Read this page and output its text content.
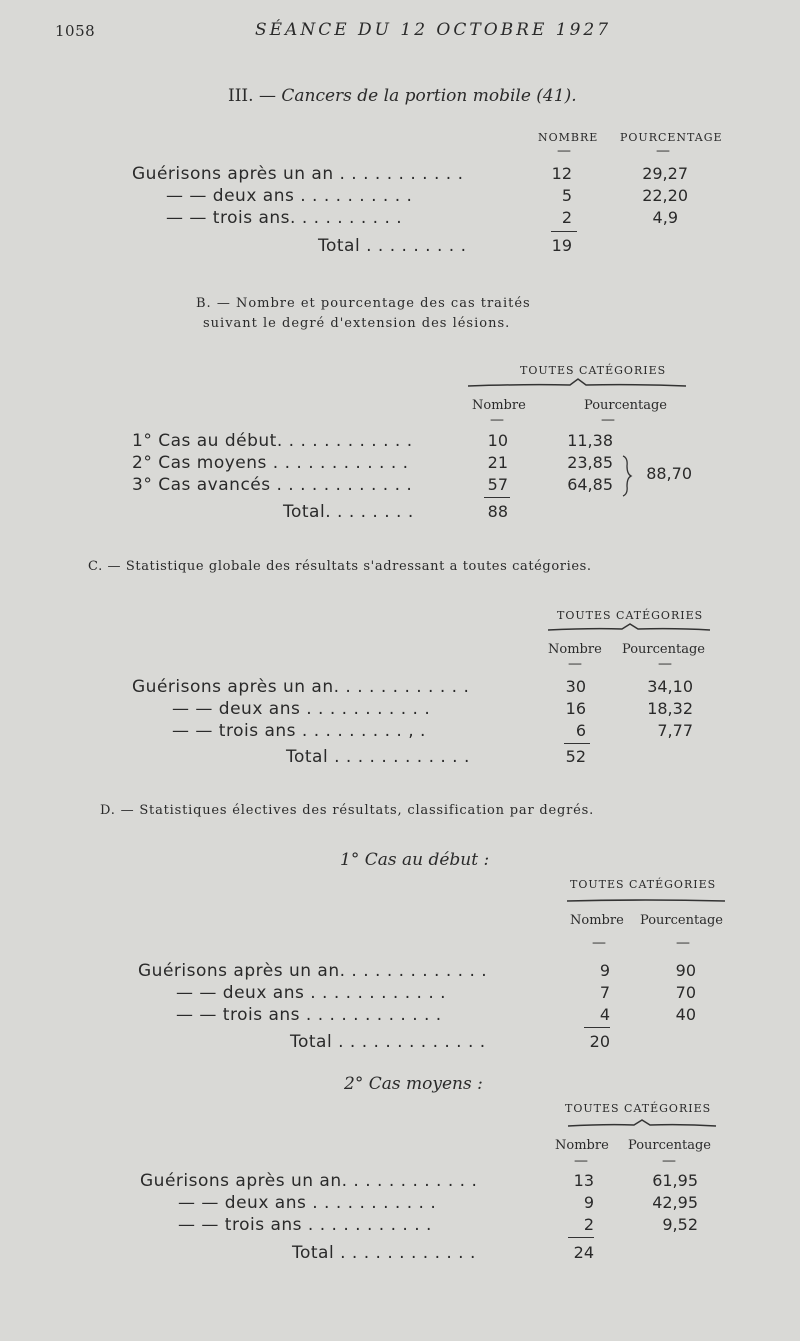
1058	SÉANCE DU 12 OCTOBRE 1927
III. — Cancers de la portion mobile (41).
NOMBRE POURCENTAGE
—	—
Guérisons après un an . . . . . . . . . . .	12	29,27
— — deux ans . . . . . . . . . .	5	22,20
— — trois ans. . . . . . . . . .	2	4,9
Total . . . . . . . . .	19
B. — Nombre et pourcentage des cas traités
suivant le degré d'extension des lésions.
TOUTES CATÉGORIES
Nombre	Pourcentage
—	—
1° Cas au début. . . . . . . . . . . .	10	11,38
2° Cas moyens . . . . . . . . . . . .	21	23,85
3° Cas avancés . . . . . . . . . . . .	57	64,85
88,70
Total. . . . . . . .	88
C. — Statistique globale des résultats s'adressant a toutes catégories.
TOUTES CATÉGORIES
Nombre Pourcentage
—	—
Guérisons après un an. . . . . . . . . . . .	30	34,10
— — deux ans . . . . . . . . . . .	16	18,32
— — trois ans . . . . . . . . . , .	6	7,77
Total . . . . . . . . . . . .	52
D. — Statistiques électives des résultats, classification par degrés.
1° Cas au début :
TOUTES CATÉGORIES
Nombre Pourcentage
—	—
Guérisons après un an. . . . . . . . . . . . .	9	90
— — deux ans . . . . . . . . . . . .	7	70
— — trois ans . . . . . . . . . . . .	4	40
Total . . . . . . . . . . . . .	20
2° Cas moyens :
TOUTES CATÉGORIES
Nombre Pourcentage
—	—
Guérisons après un an. . . . . . . . . . . .	13	61,95
— — deux ans . . . . . . . . . . .	9	42,95
— — trois ans . . . . . . . . . . .	2	9,52
Total . . . . . . . . . . . .	24
